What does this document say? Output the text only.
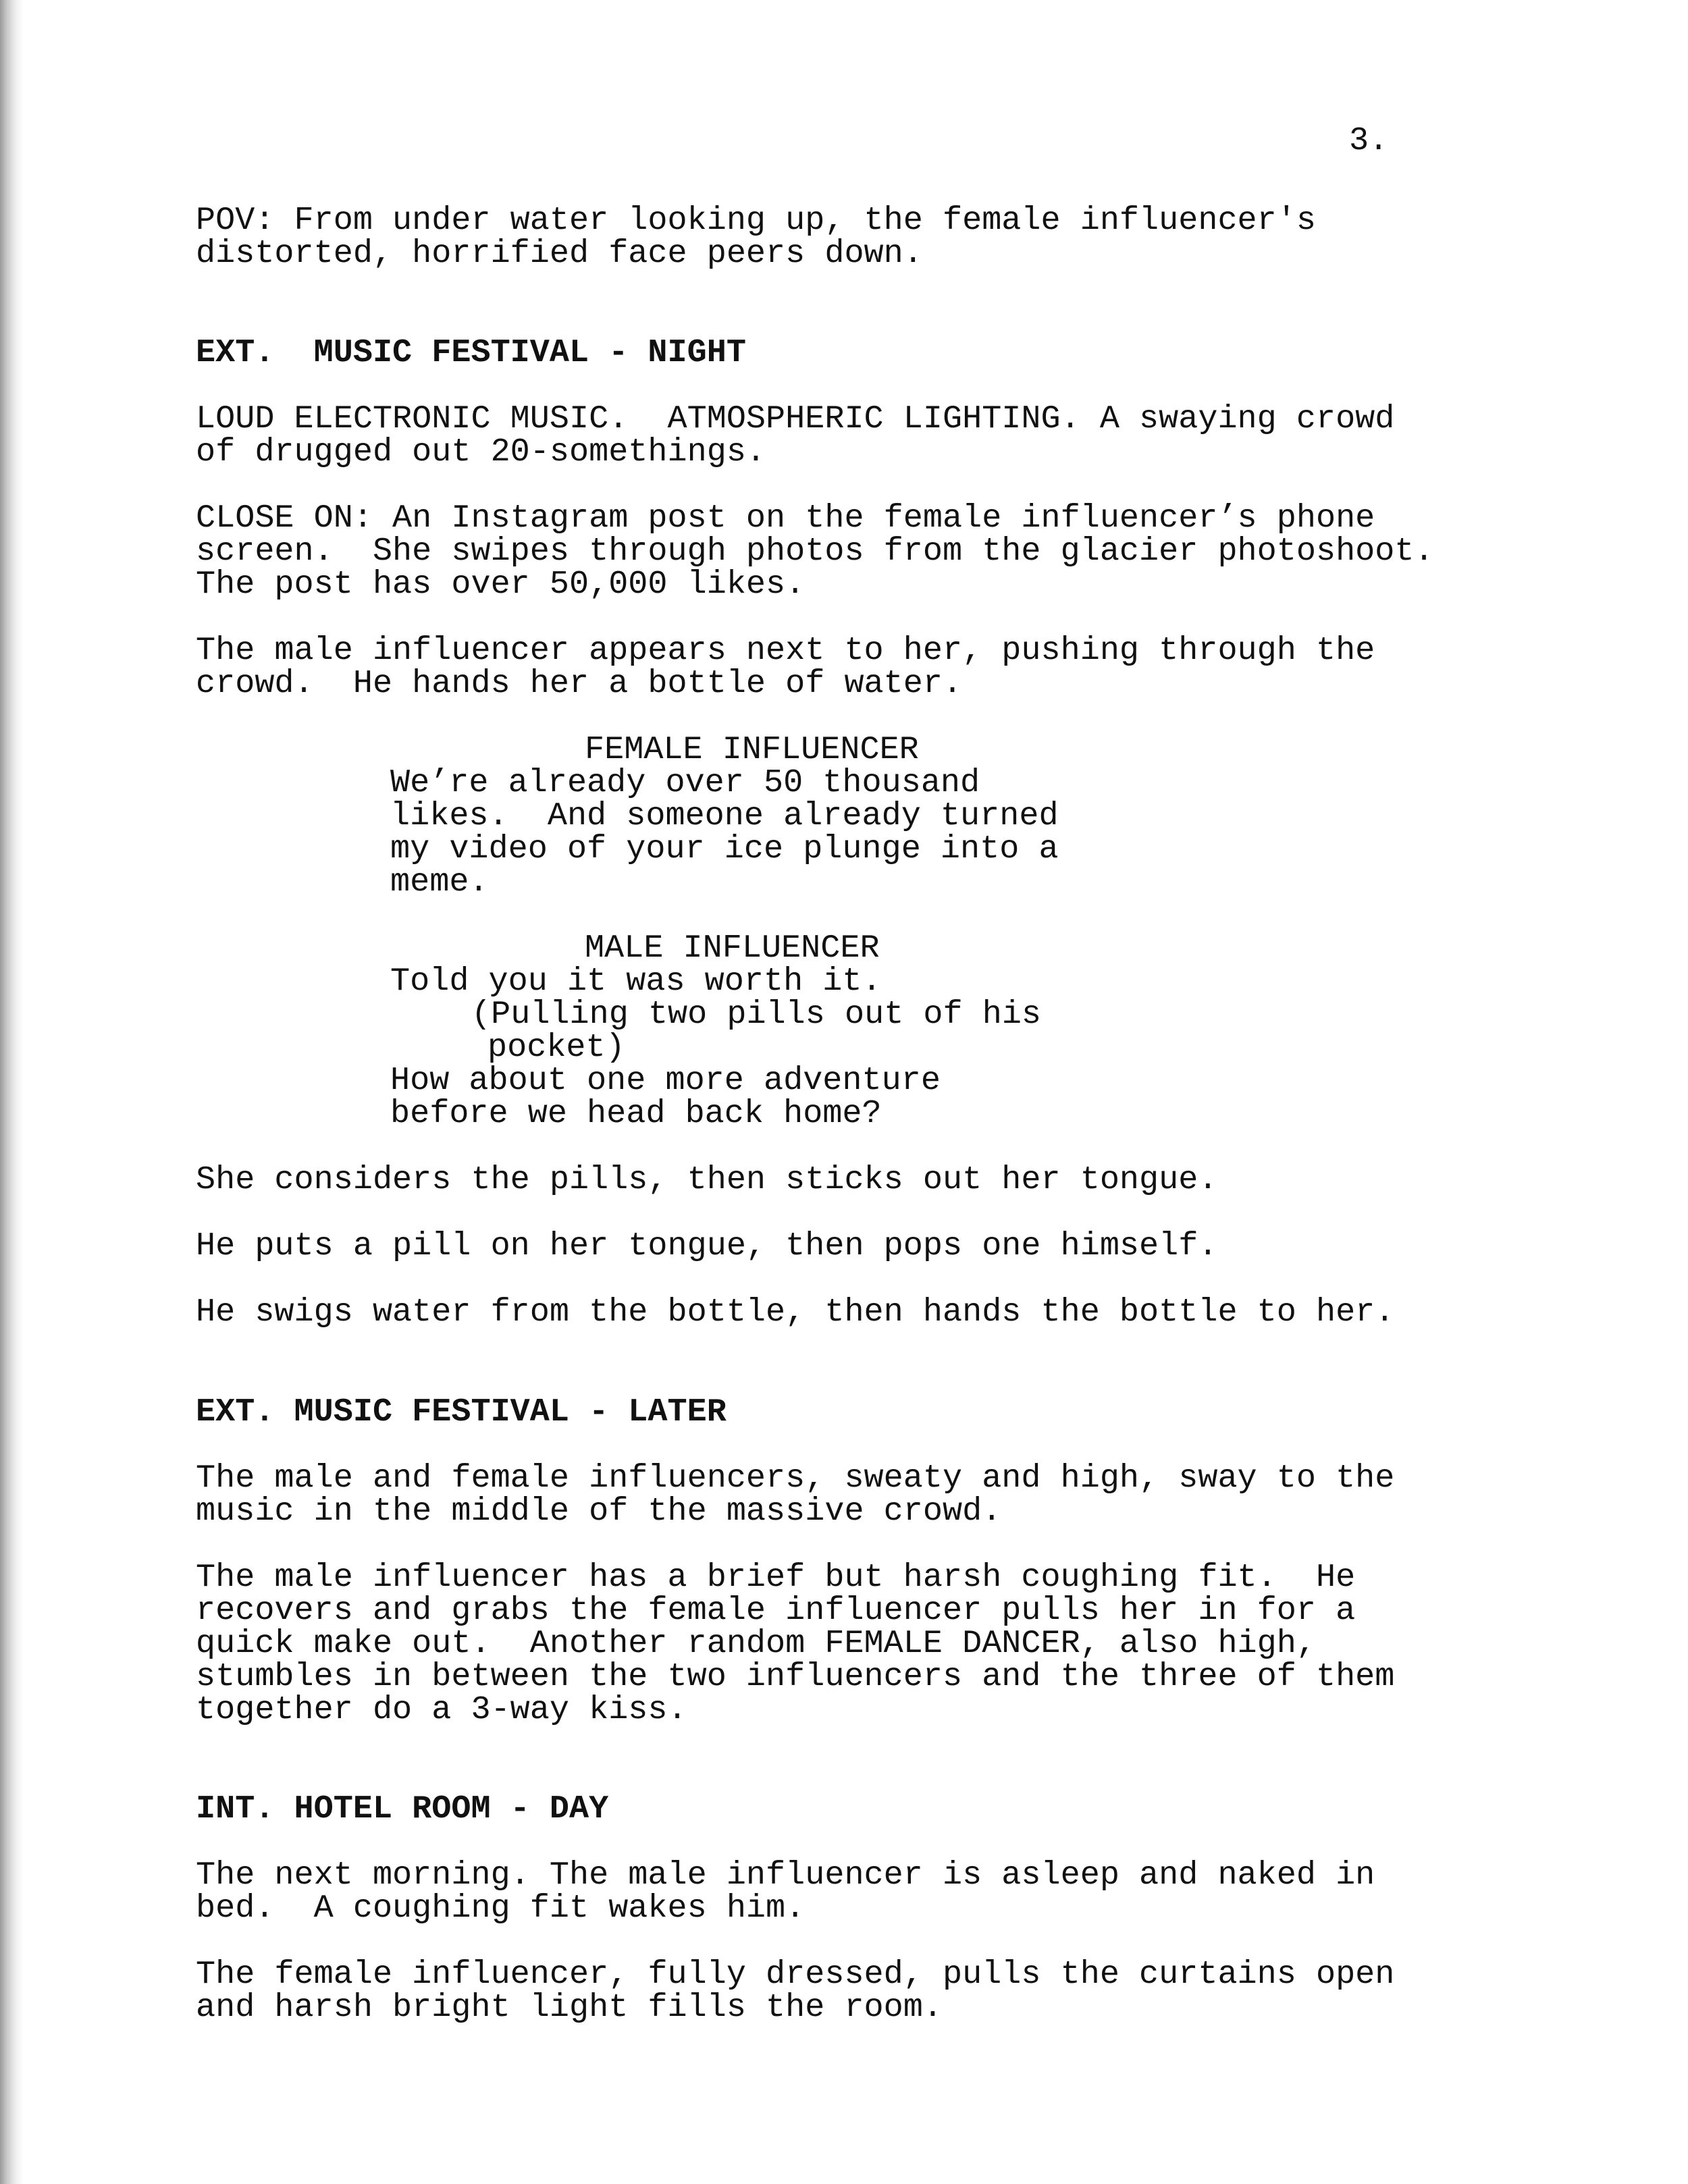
3.

POV: From under water looking up, the female influencer's

distorted, horrified face peers down.

EXT.  MUSIC FESTIVAL - NIGHT

LOUD ELECTRONIC MUSIC.  ATMOSPHERIC LIGHTING. A swaying crowd

of drugged out 20-somethings.

CLOSE ON: An Instagram post on the female influencer’s phone

screen.  She swipes through photos from the glacier photoshoot.

The post has over 50,000 likes.

The male influencer appears next to her, pushing through the

crowd.  He hands her a bottle of water.

FEMALE INFLUENCER

We’re already over 50 thousand

likes.  And someone already turned

my video of your ice plunge into a

meme.

MALE INFLUENCER

Told you it was worth it.

(Pulling two pills out of his

pocket)

How about one more adventure

before we head back home?

She considers the pills, then sticks out her tongue.

He puts a pill on her tongue, then pops one himself.

He swigs water from the bottle, then hands the bottle to her.

EXT. MUSIC FESTIVAL - LATER

The male and female influencers, sweaty and high, sway to the

music in the middle of the massive crowd.

The male influencer has a brief but harsh coughing fit.  He

recovers and grabs the female influencer pulls her in for a

quick make out.  Another random FEMALE DANCER, also high,

stumbles in between the two influencers and the three of them

together do a 3-way kiss.

INT. HOTEL ROOM - DAY

The next morning. The male influencer is asleep and naked in

bed.  A coughing fit wakes him.

The female influencer, fully dressed, pulls the curtains open

and harsh bright light fills the room.
